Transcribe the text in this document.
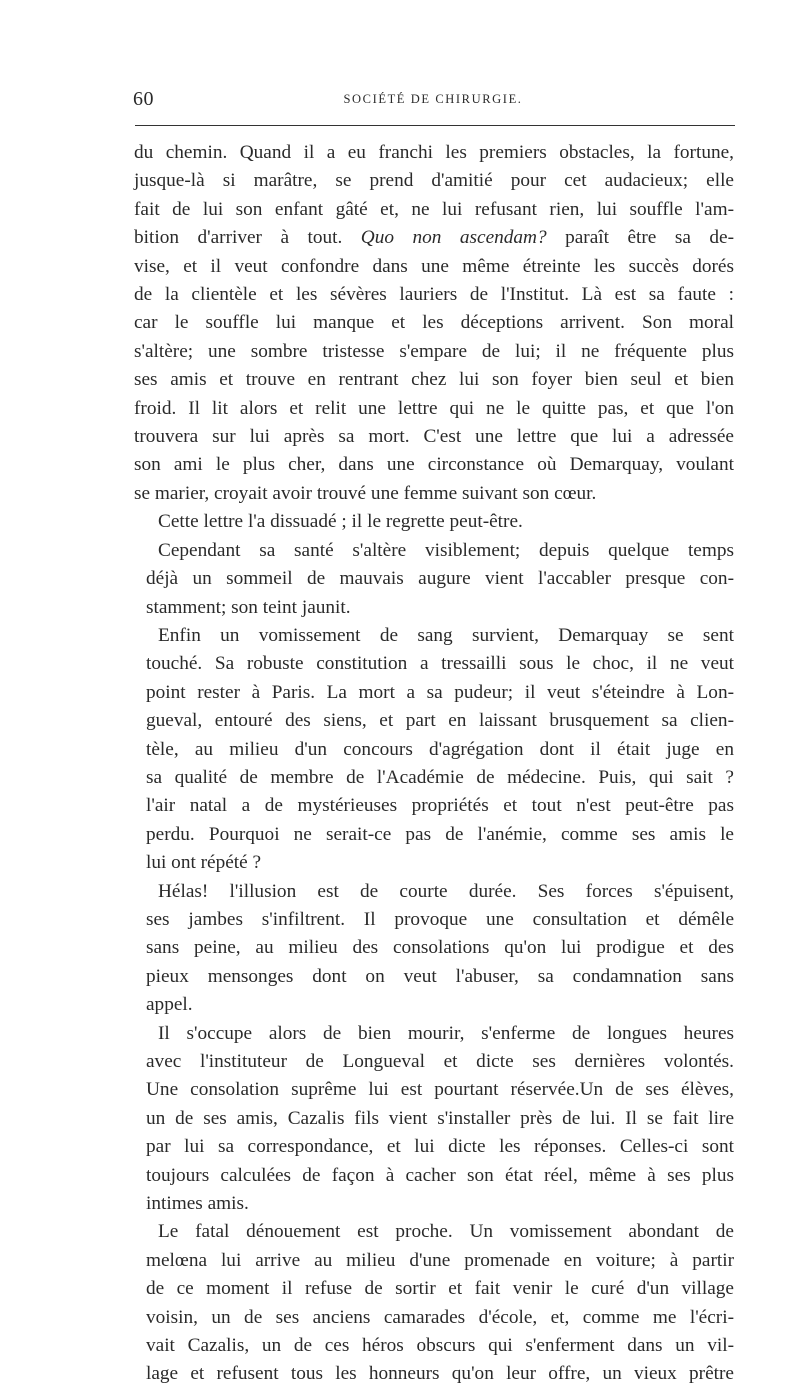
60	SOCIÉTÉ DE CHIRURGIE.
du chemin. Quand il a eu franchi les premiers obstacles, la fortune,
jusque-là si marâtre, se prend d'amitié pour cet audacieux; elle
fait de lui son enfant gâté et, ne lui refusant rien, lui souffle l'am-
bition d'arriver à tout. Quo non ascendam? paraît être sa de-
vise, et il veut confondre dans une même étreinte les succès dorés
de la clientèle et les sévères lauriers de l'Institut. Là est sa faute :
car le souffle lui manque et les déceptions arrivent. Son moral
s'altère; une sombre tristesse s'empare de lui; il ne fréquente plus
ses amis et trouve en rentrant chez lui son foyer bien seul et bien
froid. Il lit alors et relit une lettre qui ne le quitte pas, et que l'on
trouvera sur lui après sa mort. C'est une lettre que lui a adressée
son ami le plus cher, dans une circonstance où Demarquay, voulant
se marier, croyait avoir trouvé une femme suivant son cœur.
Cette lettre l'a dissuadé ; il le regrette peut-être.
Cependant sa santé s'altère visiblement; depuis quelque temps
déjà un sommeil de mauvais augure vient l'accabler presque con-
stamment; son teint jaunit.
Enfin un vomissement de sang survient, Demarquay se sent
touché. Sa robuste constitution a tressailli sous le choc, il ne veut
point rester à Paris. La mort a sa pudeur; il veut s'éteindre à Lon-
gueval, entouré des siens, et part en laissant brusquement sa clien-
tèle, au milieu d'un concours d'agrégation dont il était juge en
sa qualité de membre de l'Académie de médecine. Puis, qui sait ?
l'air natal a de mystérieuses propriétés et tout n'est peut-être pas
perdu. Pourquoi ne serait-ce pas de l'anémie, comme ses amis le
lui ont répété ?
Hélas! l'illusion est de courte durée. Ses forces s'épuisent,
ses jambes s'infiltrent. Il provoque une consultation et démêle
sans peine, au milieu des consolations qu'on lui prodigue et des
pieux mensonges dont on veut l'abuser, sa condamnation sans
appel.
Il s'occupe alors de bien mourir, s'enferme de longues heures
avec l'instituteur de Longueval et dicte ses dernières volontés.
Une consolation suprême lui est pourtant réservée.Un de ses élèves,
un de ses amis, Cazalis fils vient s'installer près de lui. Il se fait lire
par lui sa correspondance, et lui dicte les réponses. Celles-ci sont
toujours calculées de façon à cacher son état réel, même à ses plus
intimes amis.
Le fatal dénouement est proche. Un vomissement abondant de
melœna lui arrive au milieu d'une promenade en voiture; à partir
de ce moment il refuse de sortir et fait venir le curé d'un village
voisin, un de ses anciens camarades d'école, et, comme me l'écri-
vait Cazalis, un de ces héros obscurs qui s'enferment dans un vil-
lage et refusent tous les honneurs qu'on leur offre, un vieux prêtre
